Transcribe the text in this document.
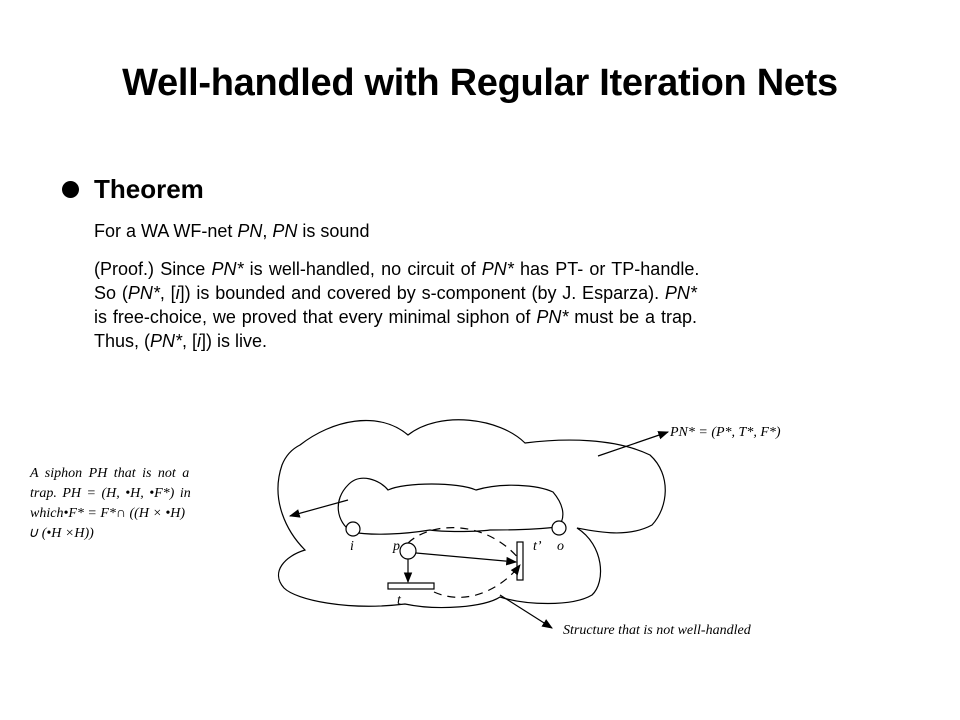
Well-handled with Regular Iteration Nets
Theorem
For a WA WF-net PN, PN is sound
(Proof.) Since PN* is well-handled, no circuit of PN* has PT- or TP-handle.
So (PN*, [i]) is bounded and covered by s-component (by J. Esparza). PN*
is free-choice, we proved that every minimal siphon of PN* must be a trap.
Thus, (PN*, [i]) is live.
PN* = (P*, T*, F*)
A siphon PH that is not a
trap. PH = (H, •H, •F*) in
which•F* = F*∩ ((H × •H)
∪ (•H ×H))
Structure that is not well-handled
i	p	t’ o
t
